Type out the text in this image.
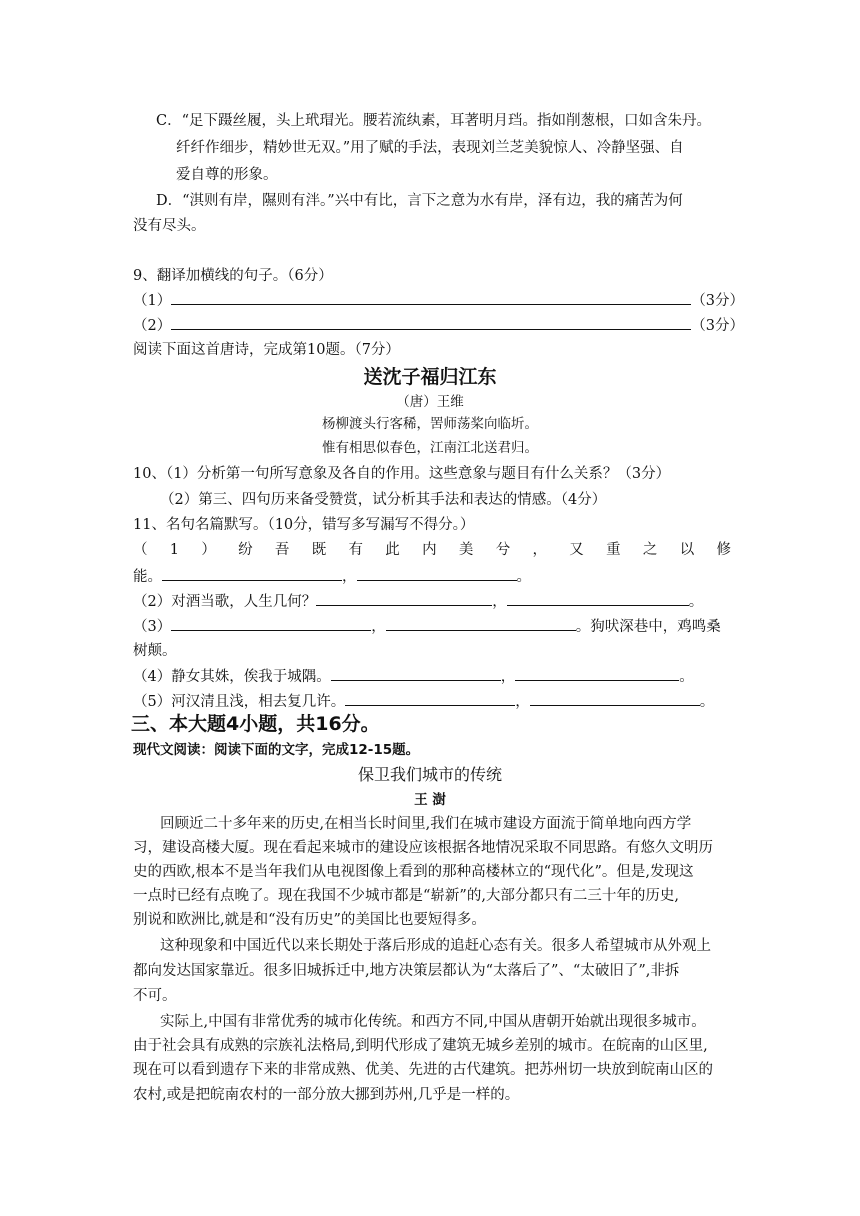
C．“足下蹑丝履，头上玳瑁光。腰若流纨素，耳著明月珰。指如削葱根，口如含朱丹。
纤纤作细步，精妙世无双。”用了赋的手法，表现刘兰芝美貌惊人、冷静坚强、自
爱自尊的形象。
D．“淇则有岸，隰则有泮。”兴中有比，言下之意为水有岸，泽有边，我的痛苦为何
没有尽头。
9、翻译加横线的句子。（6分）
（1）	（3分）
（2）	（3分）
阅读下面这首唐诗，完成第10题。（7分）
送沈子福归江东
（唐）王维
杨柳渡头行客稀，罟师荡桨向临圻。
惟有相思似春色，江南江北送君归。
10、（1）分析第一句所写意象及各自的作用。这些意象与题目有什么关系？（3分）
（2）第三、四句历来备受赞赏，试分析其手法和表达的情感。（4分）
11、名句名篇默写。（10分，错写多写漏写不得分。）
（1）纷吾既有此内美兮，又重之以修
能。	，	。
（2）对酒当歌，人生几何？	，	。
（3）	，	。狗吠深巷中，鸡鸣桑
树颠。
（4）静女其姝，俟我于城隅。	，	。
（5）河汉清且浅，相去复几许。	，	。
三、本大题4小题，共16分。
现代文阅读：阅读下面的文字，完成12-15题。
保卫我们城市的传统
王 澍
回顾近二十多年来的历史,在相当长时间里,我们在城市建设方面流于简单地向西方学
习，建设高楼大厦。现在看起来城市的建设应该根据各地情况采取不同思路。有悠久文明历
史的西欧,根本不是当年我们从电视图像上看到的那种高楼林立的“现代化”。但是,发现这
一点时已经有点晚了。现在我国不少城市都是“崭新”的,大部分都只有二三十年的历史,
别说和欧洲比,就是和“没有历史”的美国比也要短得多。
这种现象和中国近代以来长期处于落后形成的追赶心态有关。很多人希望城市从外观上
都向发达国家靠近。很多旧城拆迁中,地方决策层都认为“太落后了”、“太破旧了”,非拆
不可。
实际上,中国有非常优秀的城市化传统。和西方不同,中国从唐朝开始就出现很多城市。
由于社会具有成熟的宗族礼法格局,到明代形成了建筑无城乡差别的城市。在皖南的山区里,
现在可以看到遗存下来的非常成熟、优美、先进的古代建筑。把苏州切一块放到皖南山区的
农村,或是把皖南农村的一部分放大挪到苏州,几乎是一样的。
